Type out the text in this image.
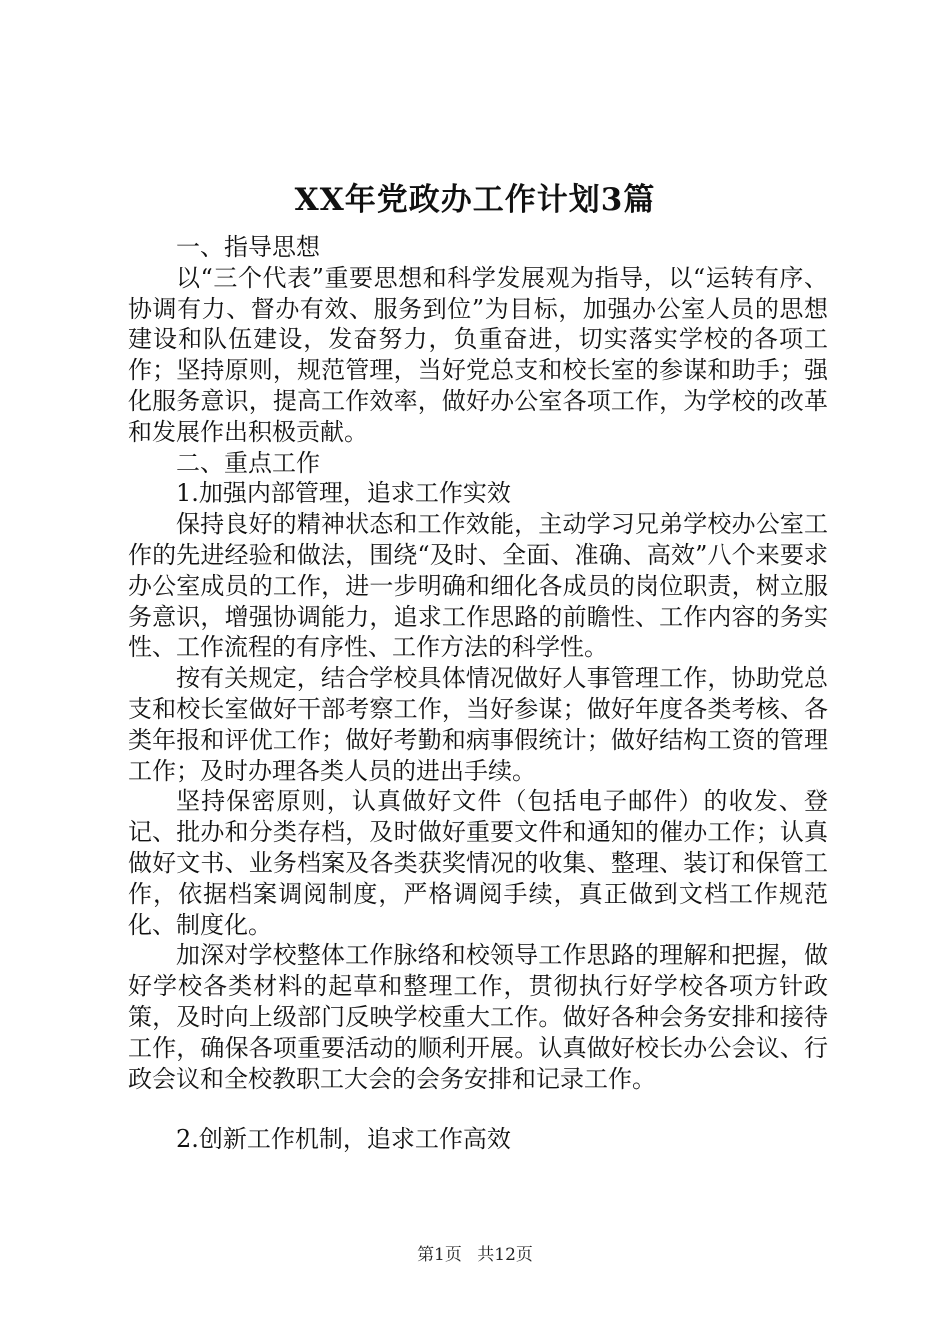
XX年党政办工作计划3篇

一、指导思想

以“三个代表”重要思想和科学发展观为指导，以“运转有序、协调有力、督办有效、服务到位”为目标，加强办公室人员的思想建设和队伍建设，发奋努力，负重奋进，切实落实学校的各项工作；坚持原则，规范管理，当好党总支和校长室的参谋和助手；强化服务意识，提高工作效率，做好办公室各项工作，为学校的改革和发展作出积极贡献。

二、重点工作

1.加强内部管理，追求工作实效

保持良好的精神状态和工作效能，主动学习兄弟学校办公室工作的先进经验和做法，围绕“及时、全面、准确、高效”八个来要求办公室成员的工作，进一步明确和细化各成员的岗位职责，树立服务意识，增强协调能力，追求工作思路的前瞻性、工作内容的务实性、工作流程的有序性、工作方法的科学性。

按有关规定，结合学校具体情况做好人事管理工作，协助党总支和校长室做好干部考察工作，当好参谋；做好年度各类考核、各类年报和评优工作；做好考勤和病事假统计；做好结构工资的管理工作；及时办理各类人员的进出手续。

坚持保密原则，认真做好文件（包括电子邮件）的收发、登记、批办和分类存档，及时做好重要文件和通知的催办工作；认真做好文书、业务档案及各类获奖情况的收集、整理、装订和保管工作，依据档案调阅制度，严格调阅手续，真正做到文档工作规范化、制度化。

加深对学校整体工作脉络和校领导工作思路的理解和把握，做好学校各类材料的起草和整理工作，贯彻执行好学校各项方针政策，及时向上级部门反映学校重大工作。做好各种会务安排和接待工作，确保各项重要活动的顺利开展。认真做好校长办公会议、行政会议和全校教职工大会的会务安排和记录工作。

2.创新工作机制，追求工作高效

第1页 共12页
